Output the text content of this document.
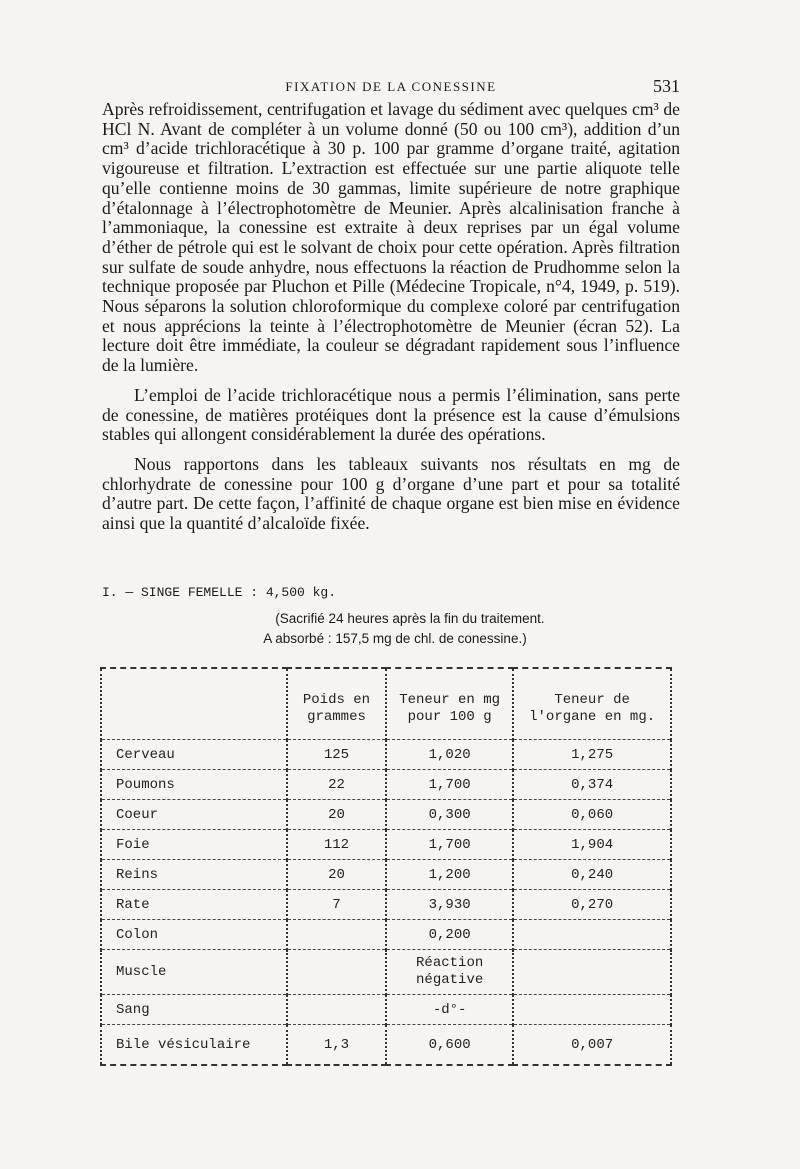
FIXATION DE LA CONESSINE	531

Après refroidissement, centrifugation et lavage du sédiment avec quelques cm³ de HCl N. Avant de compléter à un volume donné (50 ou 100 cm³), addition d’un cm³ d’acide trichloracétique à 30 p. 100 par gramme d’organe traité, agitation vigoureuse et filtration. L’extraction est effectuée sur une partie aliquote telle qu’elle contienne moins de 30 gammas, limite supérieure de notre graphique d’étalonnage à l’électrophotomètre de Meunier. Après alcalinisation franche à l’ammoniaque, la conessine est extraite à deux reprises par un égal volume d’éther de pétrole qui est le solvant de choix pour cette opération. Après filtration sur sulfate de soude anhydre, nous effectuons la réaction de Prudhomme selon la technique proposée par Pluchon et Pille (Médecine Tropicale, n°4, 1949, p. 519). Nous séparons la solution chloroformique du complexe coloré par centrifugation et nous apprécions la teinte à l’électrophotomètre de Meunier (écran 52). La lecture doit être immédiate, la couleur se dégradant rapidement sous l’influence de la lumière.

L’emploi de l’acide trichloracétique nous a permis l’élimination, sans perte de conessine, de matières protéiques dont la présence est la cause d’émulsions stables qui allongent considérablement la durée des opérations.

Nous rapportons dans les tableaux suivants nos résultats en mg de chlorhydrate de conessine pour 100 g d’organe d’une part et pour sa totalité d’autre part. De cette façon, l’affinité de chaque organe est bien mise en évidence ainsi que la quantité d’alcaloïde fixée.

I. — SINGE FEMELLE : 4,500 kg.
(Sacrifié 24 heures après la fin du traitement.
A absorbé : 157,5 mg de chl. de conessine.)
	Poids en grammes	Teneur en mg pour 100 g	Teneur de l'organe en mg.
Cerveau	125	1,020	1,275
Poumons	22	1,700	0,374
Coeur	20	0,300	0,060
Foie	112	1,700	1,904
Reins	20	1,200	0,240
Rate	7	3,930	0,270
Colon		0,200	
Muscle		Réaction négative	
Sang		-d°-	
Bile vésiculaire	1,3	0,600	0,007
